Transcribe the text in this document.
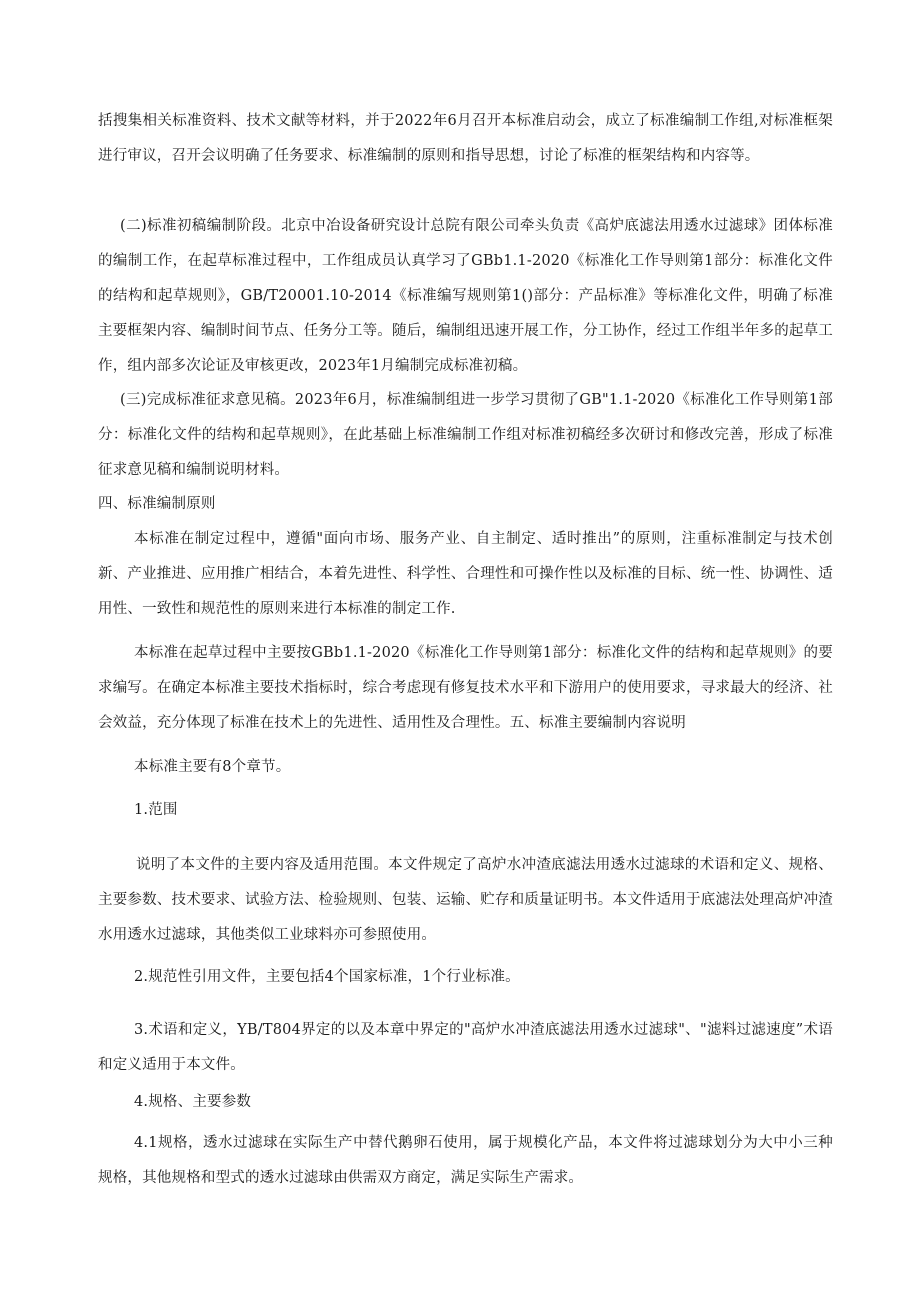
括搜集相关标准资料、技术文献等材料，并于2022年6月召开本标准启动会，成立了标准编制工作组,对标准框架进行审议，召开会议明确了任务要求、标准编制的原则和指导思想，讨论了标准的框架结构和内容等。

(二)标准初稿编制阶段。北京中冶设备研究设计总院有限公司牵头负责《高炉底滤法用透水过滤球》团体标准的编制工作，在起草标准过程中，工作组成员认真学习了GBb1.1-2020《标准化工作导则第1部分：标准化文件的结构和起草规则》，GB/T20001.10-2014《标准编写规则第1()部分：产品标准》等标准化文件，明确了标准主要框架内容、编制时间节点、任务分工等。随后，编制组迅速开展工作，分工协作，经过工作组半年多的起草工作，组内部多次论证及审核更改，2023年1月编制完成标准初稿。

(三)完成标准征求意见稿。2023年6月，标准编制组进一步学习贯彻了GB"1.1-2020《标准化工作导则第1部分：标准化文件的结构和起草规则》，在此基础上标准编制工作组对标准初稿经多次研讨和修改完善，形成了标准征求意见稿和编制说明材料。

四、标准编制原则

本标准在制定过程中，遵循"面向市场、服务产业、自主制定、适时推出”的原则，注重标准制定与技术创新、产业推进、应用推广相结合，本着先进性、科学性、合理性和可操作性以及标准的目标、统一性、协调性、适用性、一致性和规范性的原则来进行本标准的制定工作.

本标准在起草过程中主要按GBb1.1-2020《标准化工作导则第1部分：标准化文件的结构和起草规则》的要求编写。在确定本标准主要技术指标时，综合考虑现有修复技术水平和下游用户的使用要求，寻求最大的经济、社会效益，充分体现了标准在技术上的先进性、适用性及合理性。五、标准主要编制内容说明

本标准主要有8个章节。

1.范围

说明了本文件的主要内容及适用范围。本文件规定了高炉水冲渣底滤法用透水过滤球的术语和定义、规格、主要参数、技术要求、试验方法、检验规则、包装、运输、贮存和质量证明书。本文件适用于底滤法处理高炉冲渣水用透水过滤球，其他类似工业球料亦可参照使用。

2.规范性引用文件，主要包括4个国家标准，1个行业标准。

3.术语和定义，YB/T804界定的以及本章中界定的"高炉水冲渣底滤法用透水过滤球"、"滤料过滤速度”术语和定义适用于本文件。

4.规格、主要参数

4.1规格，透水过滤球在实际生产中替代鹅卵石使用，属于规模化产品，本文件将过滤球划分为大中小三种规格，其他规格和型式的透水过滤球由供需双方商定，满足实际生产需求。
